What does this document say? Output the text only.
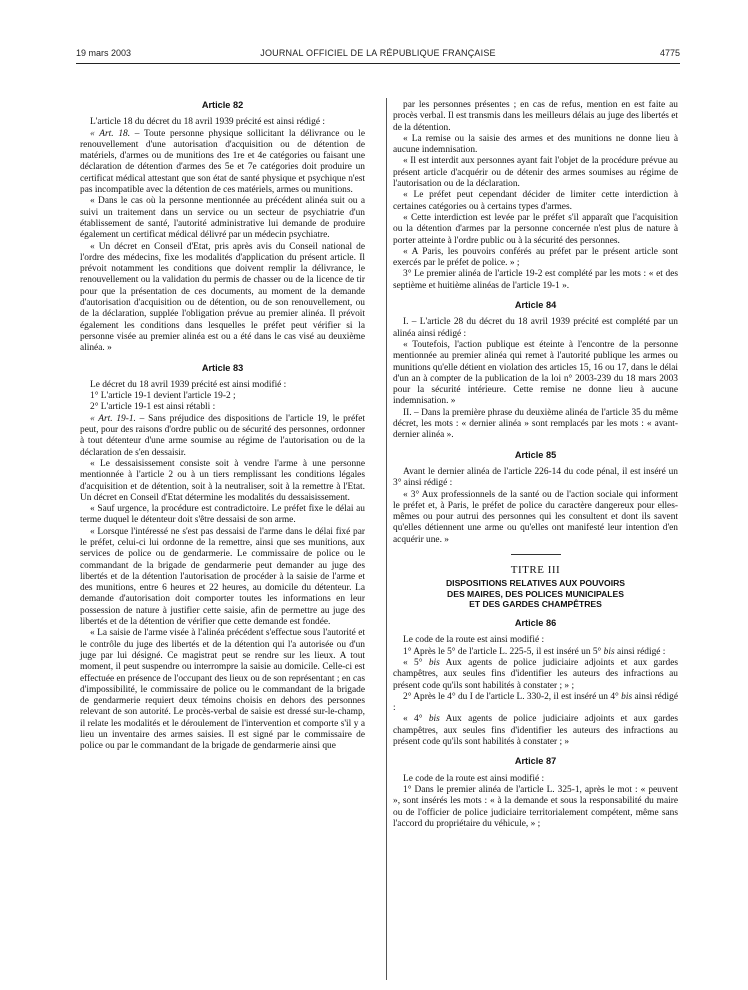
19 mars 2003	JOURNAL OFFICIEL DE LA RÉPUBLIQUE FRANÇAISE	4775
Article 82

L'article 18 du décret du 18 avril 1939 précité est ainsi rédigé :

« Art. 18. – Toute personne physique sollicitant la délivrance ou le renouvellement d'une autorisation d'acquisition ou de détention de matériels, d'armes ou de munitions des 1re et 4e catégories ou faisant une déclaration de détention d'armes des 5e et 7e catégories doit produire un certificat médical attestant que son état de santé physique et psychique n'est pas incompatible avec la détention de ces matériels, armes ou munitions.

« Dans le cas où la personne mentionnée au précédent alinéa suit ou a suivi un traitement dans un service ou un secteur de psychiatrie d'un établissement de santé, l'autorité administrative lui demande de produire également un certificat médical délivré par un médecin psychiatre.

« Un décret en Conseil d'Etat, pris après avis du Conseil national de l'ordre des médecins, fixe les modalités d'application du présent article. Il prévoit notamment les conditions que doivent remplir la délivrance, le renouvellement ou la validation du permis de chasser ou de la licence de tir pour que la présentation de ces documents, au moment de la demande d'autorisation d'acquisition ou de détention, ou de son renouvellement, ou de la déclaration, supplée l'obligation prévue au premier alinéa. Il prévoit également les conditions dans lesquelles le préfet peut vérifier si la personne visée au premier alinéa est ou a été dans le cas visé au deuxième alinéa. »

Article 83

Le décret du 18 avril 1939 précité est ainsi modifié :

1° L'article 19-1 devient l'article 19-2 ;

2° L'article 19-1 est ainsi rétabli :

« Art. 19-1. – Sans préjudice des dispositions de l'article 19, le préfet peut, pour des raisons d'ordre public ou de sécurité des personnes, ordonner à tout détenteur d'une arme soumise au régime de l'autorisation ou de la déclaration de s'en dessaisir.

« Le dessaisissement consiste soit à vendre l'arme à une personne mentionnée à l'article 2 ou à un tiers remplissant les conditions légales d'acquisition et de détention, soit à la neutraliser, soit à la remettre à l'Etat. Un décret en Conseil d'Etat détermine les modalités du dessaisissement.

« Sauf urgence, la procédure est contradictoire. Le préfet fixe le délai au terme duquel le détenteur doit s'être dessaisi de son arme.

« Lorsque l'intéressé ne s'est pas dessaisi de l'arme dans le délai fixé par le préfet, celui-ci lui ordonne de la remettre, ainsi que ses munitions, aux services de police ou de gendarmerie. Le commissaire de police ou le commandant de la brigade de gendarmerie peut demander au juge des libertés et de la détention l'autorisation de procéder à la saisie de l'arme et des munitions, entre 6 heures et 22 heures, au domicile du détenteur. La demande d'autorisation doit comporter toutes les informations en leur possession de nature à justifier cette saisie, afin de permettre au juge des libertés et de la détention de vérifier que cette demande est fondée.

« La saisie de l'arme visée à l'alinéa précédent s'effectue sous l'autorité et le contrôle du juge des libertés et de la détention qui l'a autorisée ou d'un juge par lui désigné. Ce magistrat peut se rendre sur les lieux. A tout moment, il peut suspendre ou interrompre la saisie au domicile. Celle-ci est effectuée en présence de l'occupant des lieux ou de son représentant ; en cas d'impossibilité, le commissaire de police ou le commandant de la brigade de gendarmerie requiert deux témoins choisis en dehors des personnes relevant de son autorité. Le procès-verbal de saisie est dressé sur-le-champ, il relate les modalités et le déroulement de l'intervention et comporte s'il y a lieu un inventaire des armes saisies. Il est signé par le commissaire de police ou par le commandant de la brigade de gendarmerie ainsi que

par les personnes présentes ; en cas de refus, mention en est faite au procès verbal. Il est transmis dans les meilleurs délais au juge des libertés et de la détention.

« La remise ou la saisie des armes et des munitions ne donne lieu à aucune indemnisation.

« Il est interdit aux personnes ayant fait l'objet de la procédure prévue au présent article d'acquérir ou de détenir des armes soumises au régime de l'autorisation ou de la déclaration.

« Le préfet peut cependant décider de limiter cette interdiction à certaines catégories ou à certains types d'armes.

« Cette interdiction est levée par le préfet s'il apparaît que l'acquisition ou la détention d'armes par la personne concernée n'est plus de nature à porter atteinte à l'ordre public ou à la sécurité des personnes.

« A Paris, les pouvoirs conférés au préfet par le présent article sont exercés par le préfet de police. » ;

3° Le premier alinéa de l'article 19-2 est complété par les mots : « et des septième et huitième alinéas de l'article 19-1 ».

Article 84

I. – L'article 28 du décret du 18 avril 1939 précité est complété par un alinéa ainsi rédigé :

« Toutefois, l'action publique est éteinte à l'encontre de la personne mentionnée au premier alinéa qui remet à l'autorité publique les armes ou munitions qu'elle détient en violation des articles 15, 16 ou 17, dans le délai d'un an à compter de la publication de la loi n° 2003-239 du 18 mars 2003 pour la sécurité intérieure. Cette remise ne donne lieu à aucune indemnisation. »

II. – Dans la première phrase du deuxième alinéa de l'article 35 du même décret, les mots : « dernier alinéa » sont remplacés par les mots : « avant-dernier alinéa ».

Article 85

Avant le dernier alinéa de l'article 226-14 du code pénal, il est inséré un 3° ainsi rédigé :

« 3° Aux professionnels de la santé ou de l'action sociale qui informent le préfet et, à Paris, le préfet de police du caractère dangereux pour elles-mêmes ou pour autrui des personnes qui les consultent et dont ils savent qu'elles détiennent une arme ou qu'elles ont manifesté leur intention d'en acquérir une. »

TITRE III
DISPOSITIONS RELATIVES AUX POUVOIRS
DES MAIRES, DES POLICES MUNICIPALES
ET DES GARDES CHAMPÊTRES
Article 86

Le code de la route est ainsi modifié :

1° Après le 5° de l'article L. 225-5, il est inséré un 5° bis ainsi rédigé :

« 5° bis Aux agents de police judiciaire adjoints et aux gardes champêtres, aux seules fins d'identifier les auteurs des infractions au présent code qu'ils sont habilités à constater ; » ;

2° Après le 4° du I de l'article L. 330-2, il est inséré un 4° bis ainsi rédigé :

« 4° bis Aux agents de police judiciaire adjoints et aux gardes champêtres, aux seules fins d'identifier les auteurs des infractions au présent code qu'ils sont habilités à constater ; »

Article 87

Le code de la route est ainsi modifié :

1° Dans le premier alinéa de l'article L. 325-1, après le mot : « peuvent », sont insérés les mots : « à la demande et sous la responsabilité du maire ou de l'officier de police judiciaire territorialement compétent, même sans l'accord du propriétaire du véhicule, » ;
